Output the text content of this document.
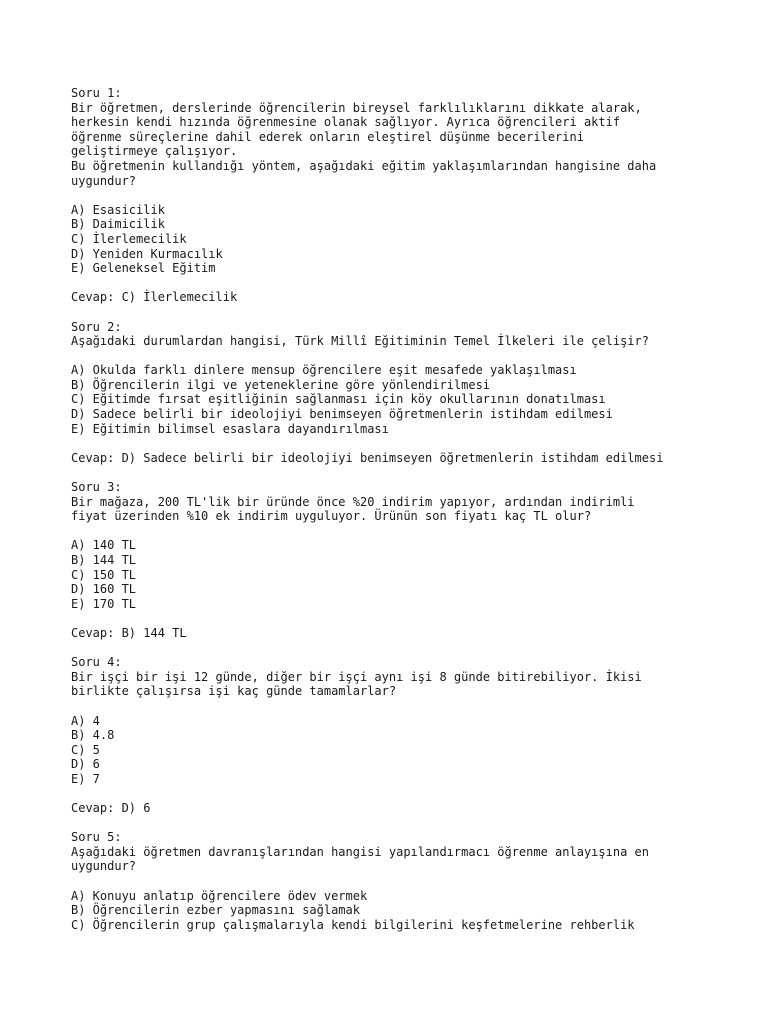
Soru 1:

Bir öğretmen, derslerinde öğrencilerin bireysel farklılıklarını dikkate alarak,

herkesin kendi hızında öğrenmesine olanak sağlıyor. Ayrıca öğrencileri aktif

öğrenme süreçlerine dahil ederek onların eleştirel düşünme becerilerini

geliştirmeye çalışıyor.

Bu öğretmenin kullandığı yöntem, aşağıdaki eğitim yaklaşımlarından hangisine daha

uygundur?

A) Esasicilik

B) Daimicilik

C) İlerlemecilik

D) Yeniden Kurmacılık

E) Geleneksel Eğitim

Cevap: C) İlerlemecilik

Soru 2:

Aşağıdaki durumlardan hangisi, Türk Millî Eğitiminin Temel İlkeleri ile çelişir?

A) Okulda farklı dinlere mensup öğrencilere eşit mesafede yaklaşılması

B) Öğrencilerin ilgi ve yeteneklerine göre yönlendirilmesi

C) Eğitimde fırsat eşitliğinin sağlanması için köy okullarının donatılması

D) Sadece belirli bir ideolojiyi benimseyen öğretmenlerin istihdam edilmesi

E) Eğitimin bilimsel esaslara dayandırılması

Cevap: D) Sadece belirli bir ideolojiyi benimseyen öğretmenlerin istihdam edilmesi

Soru 3:

Bir mağaza, 200 TL'lik bir üründe önce %20 indirim yapıyor, ardından indirimli

fiyat üzerinden %10 ek indirim uyguluyor. Ürünün son fiyatı kaç TL olur?

A) 140 TL

B) 144 TL

C) 150 TL

D) 160 TL

E) 170 TL

Cevap: B) 144 TL

Soru 4:

Bir işçi bir işi 12 günde, diğer bir işçi aynı işi 8 günde bitirebiliyor. İkisi

birlikte çalışırsa işi kaç günde tamamlarlar?

A) 4

B) 4.8

C) 5

D) 6

E) 7

Cevap: D) 6

Soru 5:

Aşağıdaki öğretmen davranışlarından hangisi yapılandırmacı öğrenme anlayışına en

uygundur?

A) Konuyu anlatıp öğrencilere ödev vermek

B) Öğrencilerin ezber yapmasını sağlamak

C) Öğrencilerin grup çalışmalarıyla kendi bilgilerini keşfetmelerine rehberlik
